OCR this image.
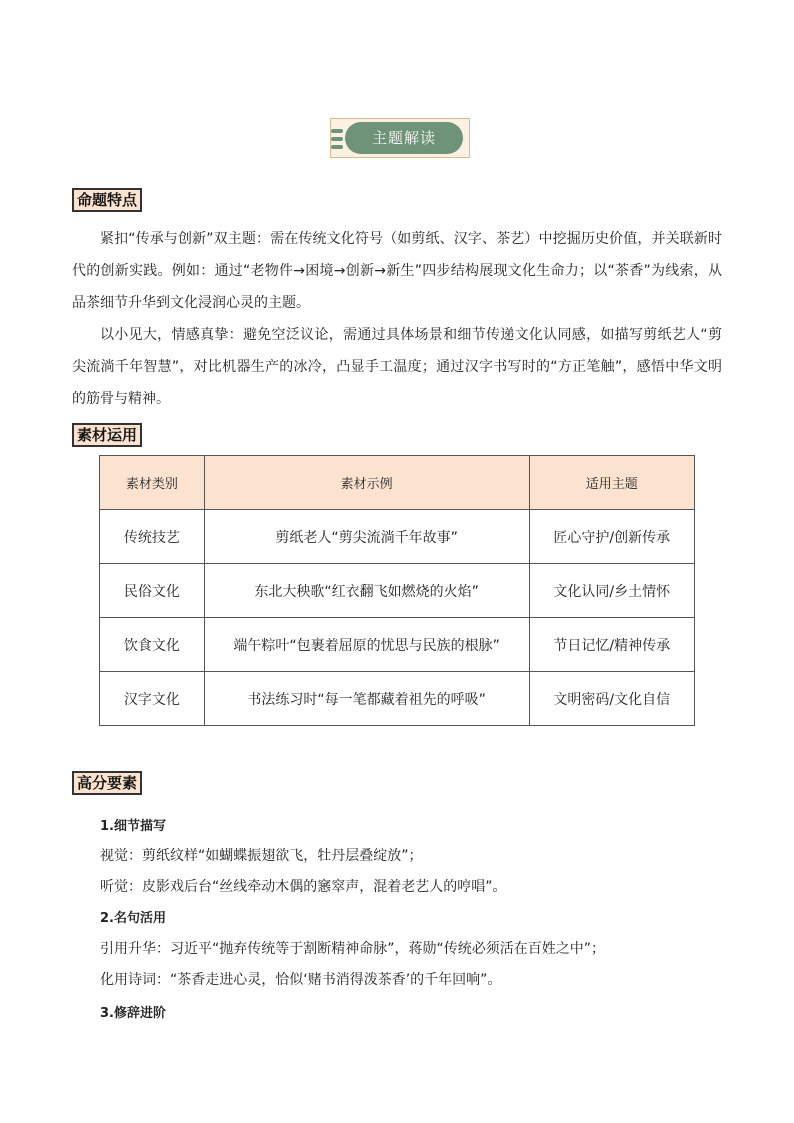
主题解读
命题特点

紧扣“传承与创新”双主题：需在传统文化符号（如剪纸、汉字、茶艺）中挖掘历史价值，并关联新时代的创新实践。例如：通过“老物件→困境→创新→新生”四步结构展现文化生命力；以“茶香”为线索，从品茶细节升华到文化浸润心灵的主题。

以小见大，情感真挚：避免空泛议论，需通过具体场景和细节传递文化认同感，如描写剪纸艺人“剪尖流淌千年智慧”，对比机器生产的冰冷，凸显手工温度；通过汉字书写时的“方正笔触”，感悟中华文明的筋骨与精神。

素材运用
素材类别	素材示例	适用主题
传统技艺	剪纸老人“剪尖流淌千年故事”	匠心守护/创新传承
民俗文化	东北大秧歌“红衣翻飞如燃烧的火焰”	文化认同/乡土情怀
饮食文化	端午粽叶“包裹着屈原的忧思与民族的根脉”	节日记忆/精神传承
汉字文化	书法练习时“每一笔都藏着祖先的呼吸”	文明密码/文化自信
高分要素
1.细节描写
视觉：剪纸纹样“如蝴蝶振翅欲飞，牡丹层叠绽放”；
听觉：皮影戏后台“丝线牵动木偶的窸窣声，混着老艺人的哼唱”。
2.名句活用
引用升华：习近平“抛弃传统等于割断精神命脉”，蒋勋“传统必须活在百姓之中”；
化用诗词：“茶香走进心灵，恰似‘赌书消得泼茶香’的千年回响”。
3.修辞进阶
